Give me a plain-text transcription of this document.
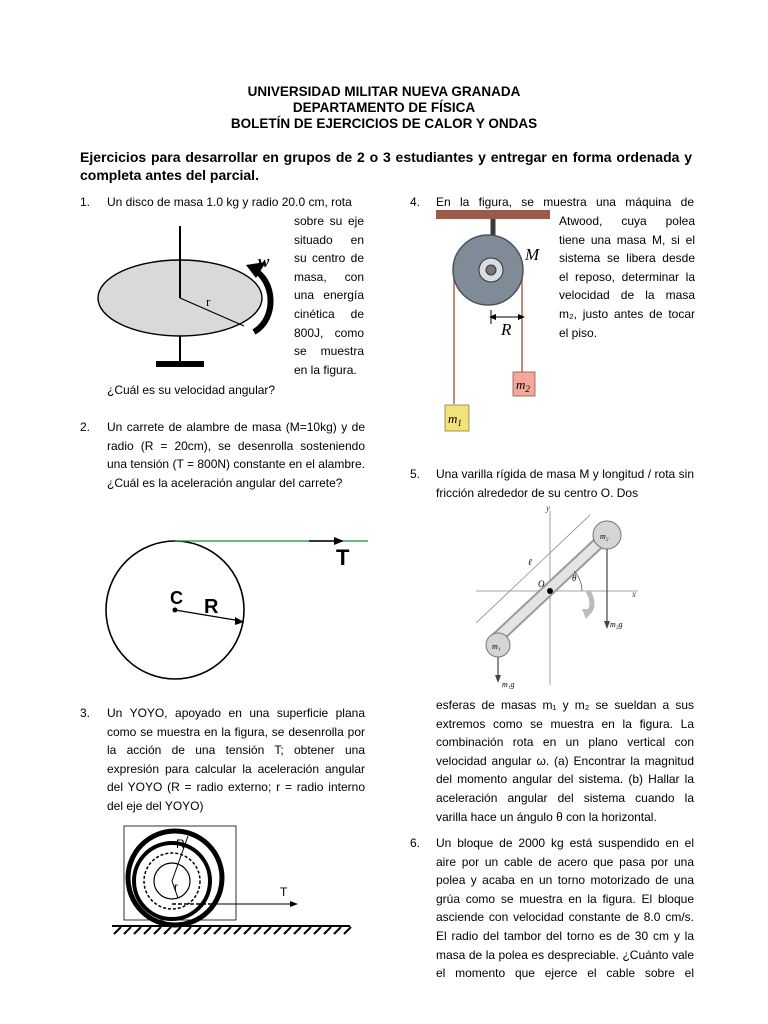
UNIVERSIDAD MILITAR NUEVA GRANADA
DEPARTAMENTO DE FÍSICA
BOLETÍN DE EJERCICIOS DE CALOR Y ONDAS
Ejercicios para desarrollar en grupos de 2 o 3 estudiantes y entregar en forma ordenada y completa antes del parcial.
1. Un disco de masa 1.0 kg y radio 20.0 cm, rota
sobre su eje
situado en
su centro de
masa, con
una energía
cinética de
800J, como
se muestra
en la figura.
¿Cuál es su velocidad angular?
r
w
2. Un carrete de alambre de masa (M=10kg) y de radio (R = 20cm), se desenrolla sosteniendo una tensión (T = 800N) constante en el alambre. ¿Cuál es la aceleración angular del carrete?
T
C R
3. Un YOYO, apoyado en una superficie plana como se muestra en la figura, se desenrolla por la acción de una tensión T; obtener una expresión para calcular la aceleración angular del YOYO (R = radio externo; r = radio interno del eje del YOYO)
R
r	T
4. En la figura, se muestra una máquina de
Atwood, cuya polea
tiene una masa M, si el
sistema se libera desde
el reposo, determinar la
velocidad de la masa
m₂, justo antes de tocar
el piso.
M
R
$m_2$
$m_1$
5. Una varilla rígida de masa M y longitud / rota sin fricción alrededor de su centro O. Dos
y
x
O
θ
ℓ
m₂
m₁
m₂g
m₁g
esferas de masas m₁ y m₂ se sueldan a sus extremos como se muestra en la figura. La combinación rota en un plano vertical con velocidad angular ω. (a) Encontrar la magnitud del momento angular del sistema. (b) Hallar la aceleración angular del sistema cuando la varilla hace un ángulo θ con la horizontal.
6. Un bloque de 2000 kg está suspendido en el aire por un cable de acero que pasa por una polea y acaba en un torno motorizado de una grúa como se muestra en la figura. El bloque asciende con velocidad constante de 8.0 cm/s. El radio del tambor del torno es de 30 cm y la masa de la polea es despreciable. ¿Cuánto vale el momento que ejerce el cable sobre el
